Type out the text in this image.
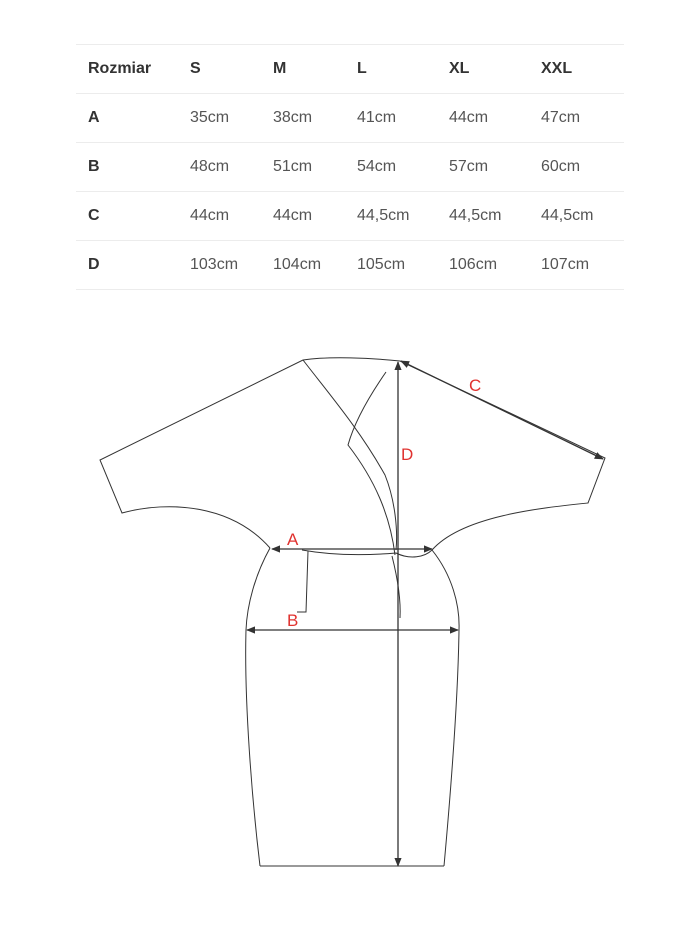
Rozmiar	S	M	L	XL	XXL
A	35cm	38cm	41cm	44cm	47cm
B	48cm	51cm	54cm	57cm	60cm
C	44cm	44cm	44,5cm	44,5cm	44,5cm
D	103cm	104cm	105cm	106cm	107cm
A
B
C
D
